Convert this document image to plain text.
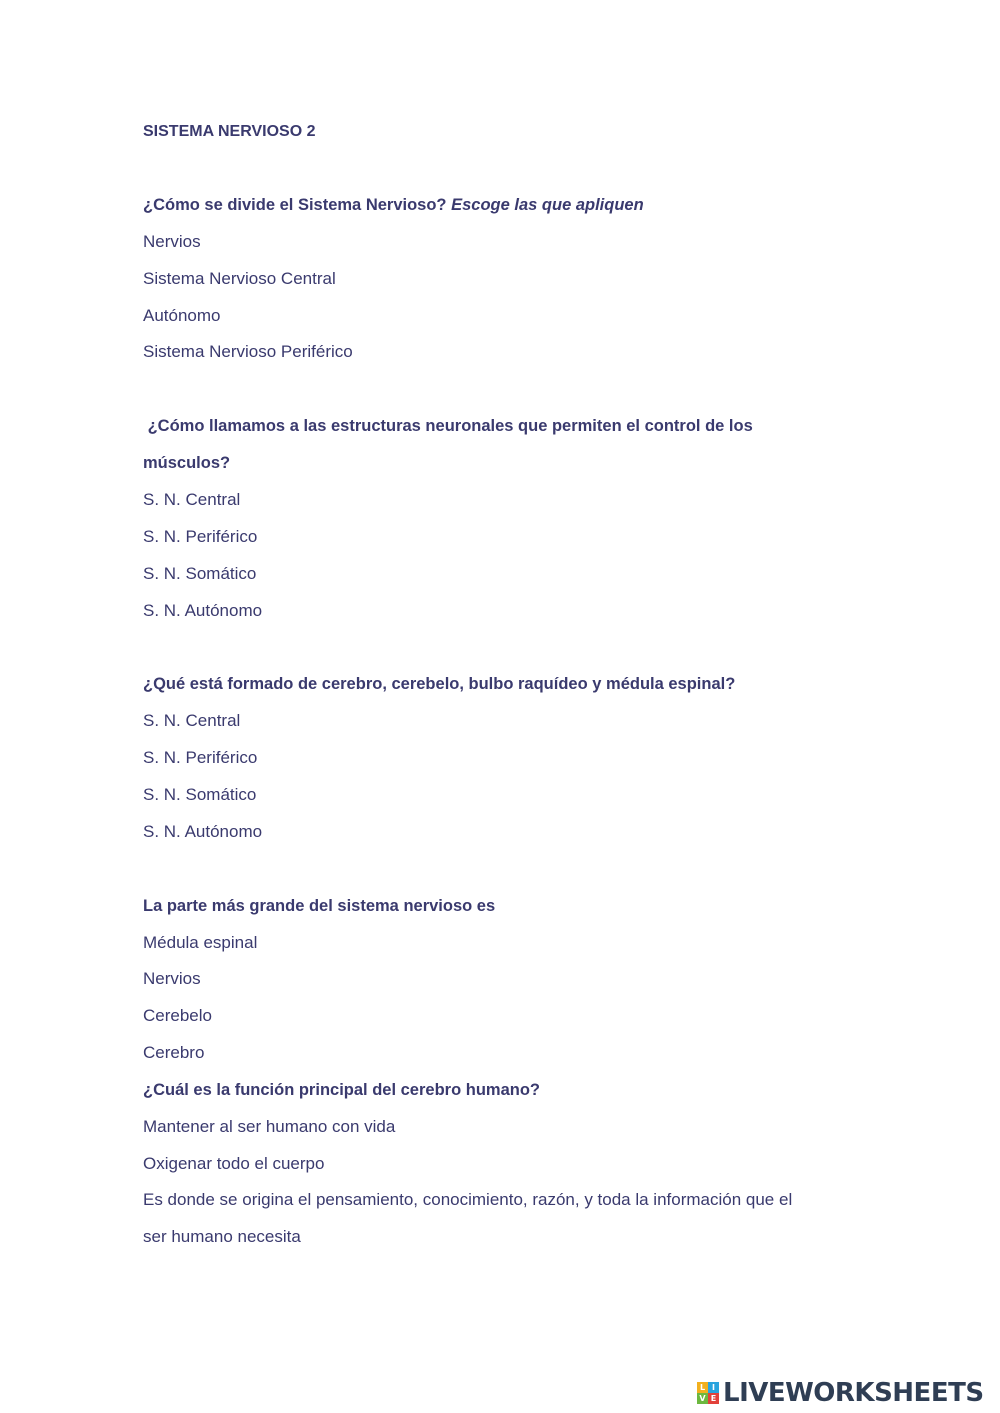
SISTEMA NERVIOSO 2

¿Cómo se divide el Sistema Nervioso? Escoge las que apliquen

Nervios

Sistema Nervioso Central

Autónomo

Sistema Nervioso Periférico

¿Cómo llamamos a las estructuras neuronales que permiten el control de los

músculos?

S. N. Central

S. N. Periférico

S. N. Somático

S. N. Autónomo

¿Qué está formado de cerebro, cerebelo, bulbo raquídeo y médula espinal?

S. N. Central

S. N. Periférico

S. N. Somático

S. N. Autónomo

La parte más grande del sistema nervioso es

Médula espinal

Nervios

Cerebelo

Cerebro

¿Cuál es la función principal del cerebro humano?

Mantener al ser humano con vida

Oxigenar todo el cuerpo

Es donde se origina el pensamiento, conocimiento, razón, y toda la información que el

ser humano necesita

L I
V E LIVEWORKSHEETS
